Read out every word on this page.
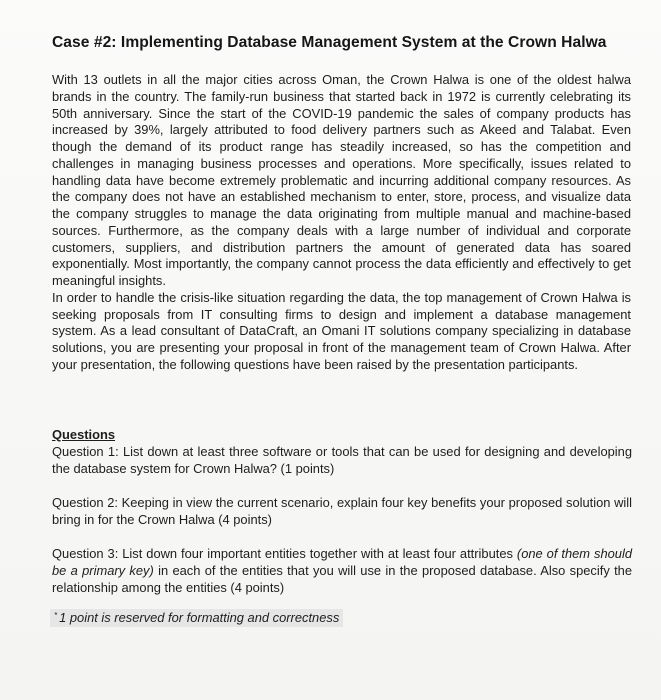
Case #2: Implementing Database Management System at the Crown Halwa

With 13 outlets in all the major cities across Oman, the Crown Halwa is one of the oldest halwa brands in the country. The family-run business that started back in 1972 is currently celebrating its 50th anniversary. Since the start of the COVID-19 pandemic the sales of company products has increased by 39%, largely attributed to food delivery partners such as Akeed and Talabat. Even though the demand of its product range has steadily increased, so has the competition and challenges in managing business processes and operations. More specifically, issues related to handling data have become extremely problematic and incurring additional company resources. As the company does not have an established mechanism to enter, store, process, and visualize data the company struggles to manage the data originating from multiple manual and machine-based sources. Furthermore, as the company deals with a large number of individual and corporate customers, suppliers, and distribution partners the amount of generated data has soared exponentially. Most importantly, the company cannot process the data efficiently and effectively to get meaningful insights.

In order to handle the crisis-like situation regarding the data, the top management of Crown Halwa is seeking proposals from IT consulting firms to design and implement a database management system. As a lead consultant of DataCraft, an Omani IT solutions company specializing in database solutions, you are presenting your proposal in front of the management team of Crown Halwa. After your presentation, the following questions have been raised by the presentation participants.

Questions

Question 1: List down at least three software or tools that can be used for designing and developing the database system for Crown Halwa? (1 points)

Question 2: Keeping in view the current scenario, explain four key benefits your proposed solution will bring in for the Crown Halwa (4 points)

Question 3: List down four important entities together with at least four attributes (one of them should be a primary key) in each of the entities that you will use in the proposed database. Also specify the relationship among the entities (4 points)

* 1 point is reserved for formatting and correctness
